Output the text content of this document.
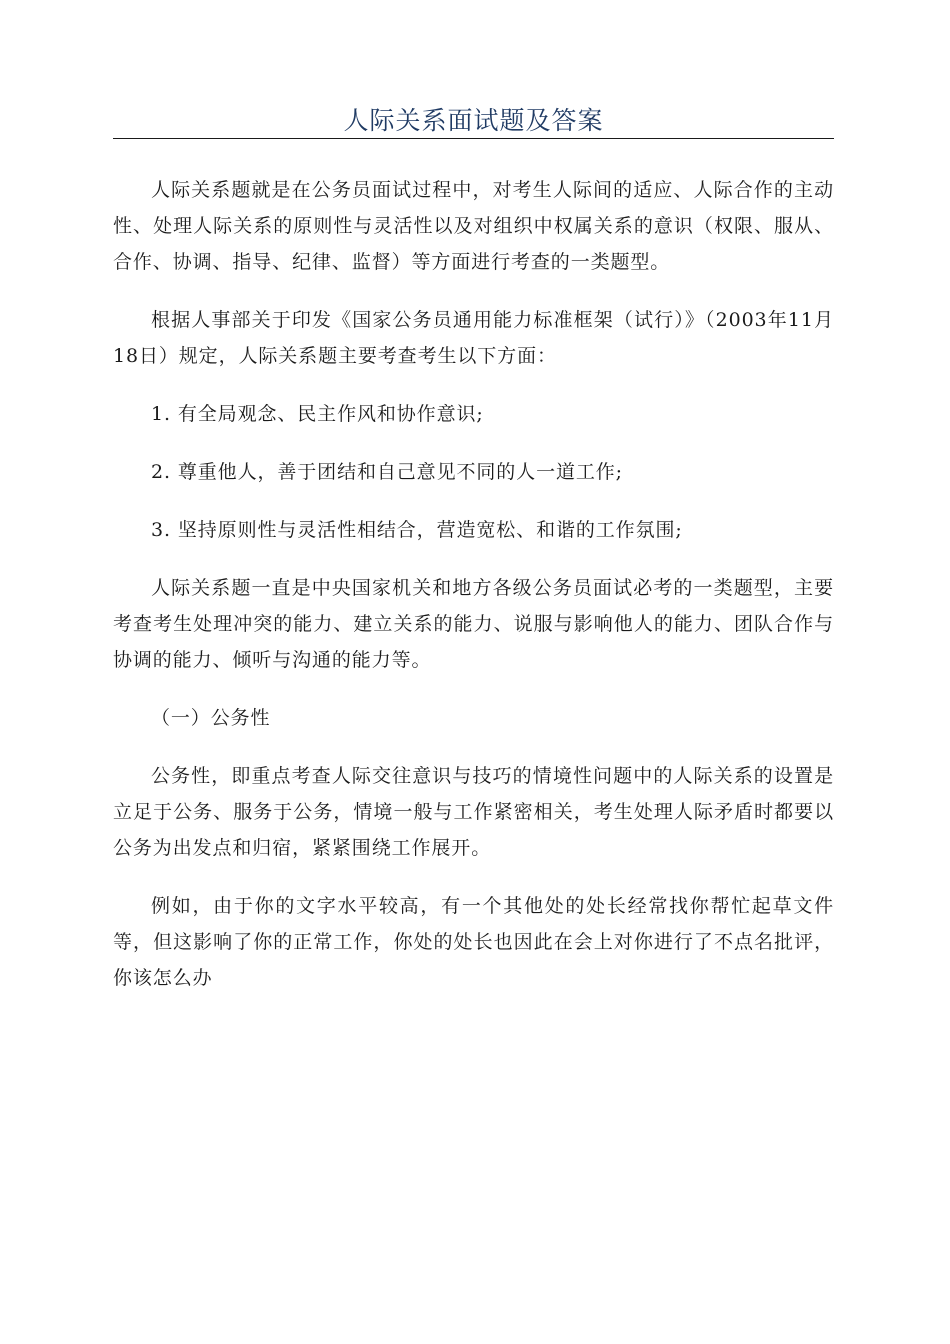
人际关系面试题及答案

人际关系题就是在公务员面试过程中，对考生人际间的适应、人际合作的主动性、处理人际关系的原则性与灵活性以及对组织中权属关系的意识（权限、服从、合作、协调、指导、纪律、监督）等方面进行考查的一类题型。

根据人事部关于印发《国家公务员通用能力标准框架（试行）》（2003年11月18日）规定，人际关系题主要考查考生以下方面：

1. 有全局观念、民主作风和协作意识;

2. 尊重他人，善于团结和自己意见不同的人一道工作;

3. 坚持原则性与灵活性相结合，营造宽松、和谐的工作氛围;

人际关系题一直是中央国家机关和地方各级公务员面试必考的一类题型，主要考查考生处理冲突的能力、建立关系的能力、说服与影响他人的能力、团队合作与协调的能力、倾听与沟通的能力等。

（一）公务性

公务性，即重点考查人际交往意识与技巧的情境性问题中的人际关系的设置是立足于公务、服务于公务，情境一般与工作紧密相关，考生处理人际矛盾时都要以公务为出发点和归宿，紧紧围绕工作展开。

例如，由于你的文字水平较高，有一个其他处的处长经常找你帮忙起草文件等，但这影响了你的正常工作，你处的处长也因此在会上对你进行了不点名批评，你该怎么办
